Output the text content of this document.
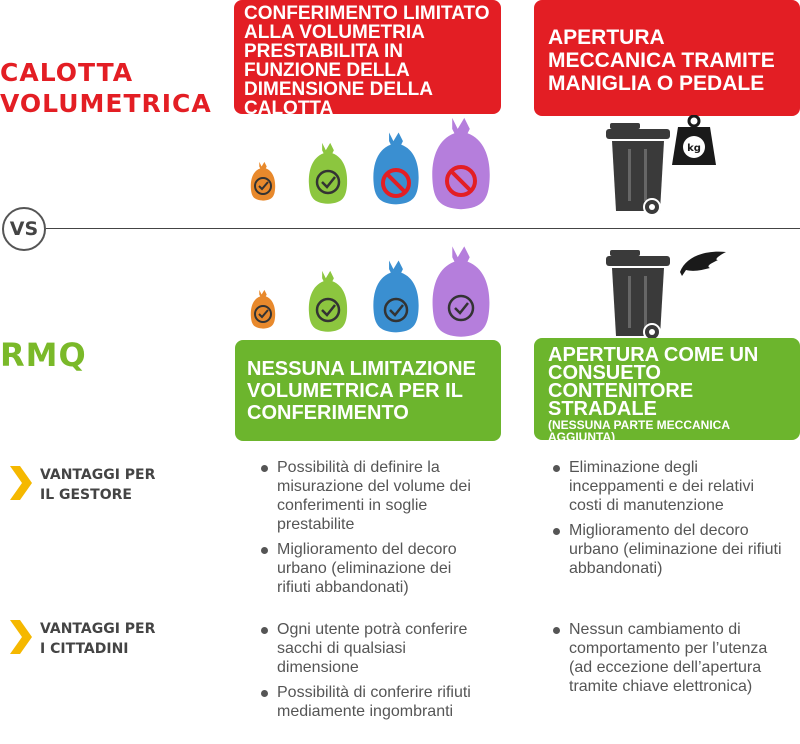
CALOTTA
VOLUMETRICA
CONFERIMENTO LIMITATO ALLA VOLUMETRIA PRESTABILITA IN FUNZIONE DELLA DIMENSIONE DELLA CALOTTA
(ES. 40 LITRI)
APERTURA MECCANICA TRAMITE MANIGLIA O PEDALE
kg
VS
RMQ	NESSUNA LIMITAZIONE VOLUMETRICA PER IL CONFERIMENTO
APERTURA COME UN CONSUETO CONTENITORE STRADALE
(NESSUNA PARTE MECCANICA AGGIUNTA)
VANTAGGI PER
IL GESTORE
Possibilità di definire la misurazione del volume dei conferimenti in soglie prestabilite
Miglioramento del decoro urbano (eliminazione dei rifiuti abbandonati)
Eliminazione degli inceppamenti e dei relativi costi di manutenzione
Miglioramento del decoro urbano (eliminazione dei rifiuti abbandonati)
VANTAGGI PER
I CITTADINI
Ogni utente potrà conferire sacchi di qualsiasi dimensione
Possibilità di conferire rifiuti mediamente ingombranti
Nessun cambiamento di comportamento per l’utenza (ad eccezione dell’apertura tramite chiave elettronica)
